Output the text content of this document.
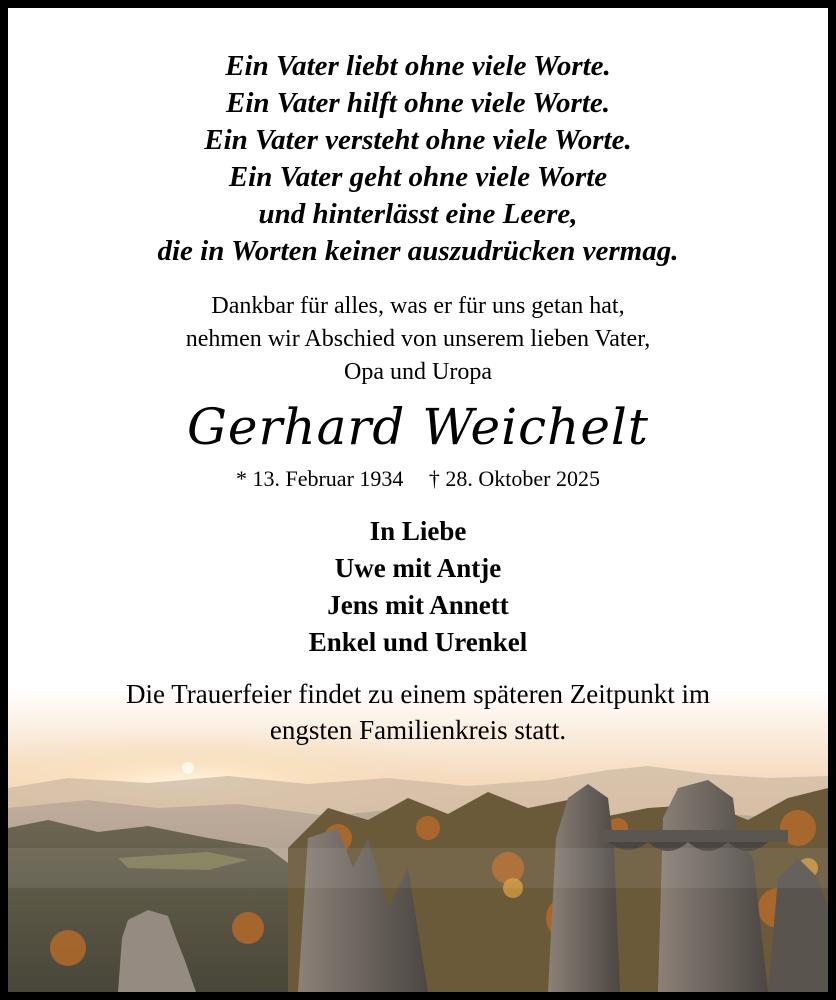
Ein Vater liebt ohne viele Worte.
Ein Vater hilft ohne viele Worte.
Ein Vater versteht ohne viele Worte.
Ein Vater geht ohne viele Worte
und hinterlässt eine Leere,
die in Worten keiner auszudrücken vermag.
Dankbar für alles, was er für uns getan hat,
nehmen wir Abschied von unserem lieben Vater,
Opa und Uropa
Gerhard Weichelt
* 13. Februar 1934 † 28. Oktober 2025
In Liebe
Uwe mit Antje
Jens mit Annett
Enkel und Urenkel
Die Trauerfeier findet zu einem späteren Zeitpunkt im
engsten Familienkreis statt.
